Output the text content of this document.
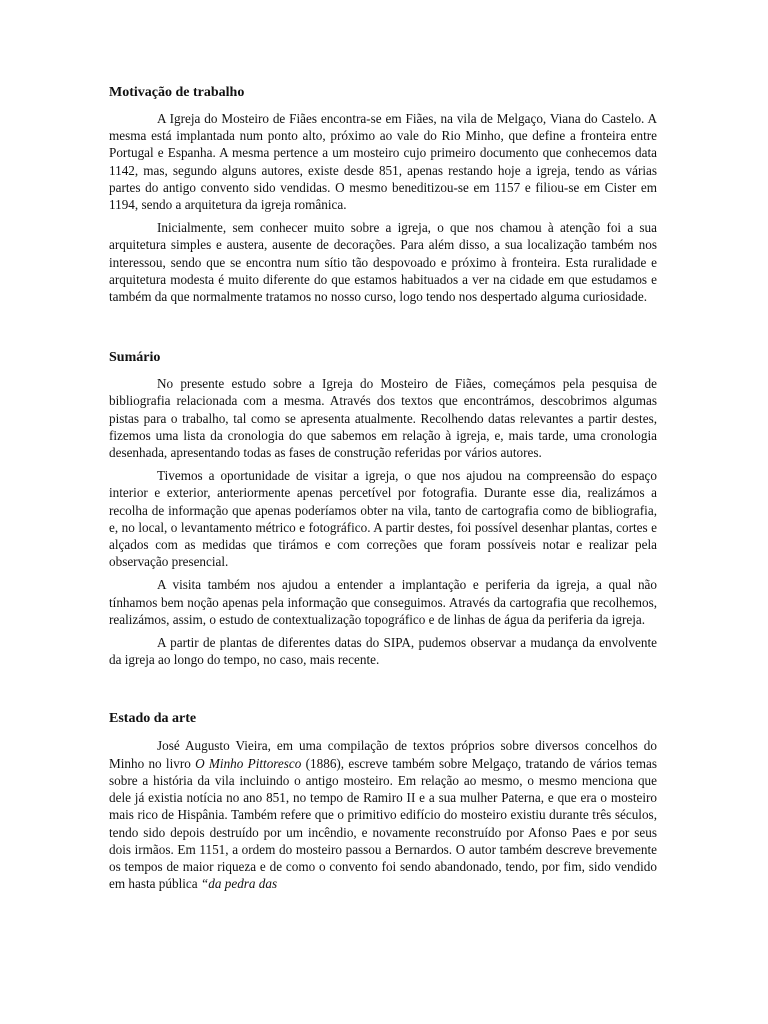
Motivação de trabalho

A Igreja do Mosteiro de Fiães encontra-se em Fiães, na vila de Melgaço, Viana do Castelo. A mesma está implantada num ponto alto, próximo ao vale do Rio Minho, que define a fronteira entre Portugal e Espanha. A mesma pertence a um mosteiro cujo primeiro documento que conhecemos data 1142, mas, segundo alguns autores, existe desde 851, apenas restando hoje a igreja, tendo as várias partes do antigo convento sido vendidas. O mesmo beneditizou-se em 1157 e filiou-se em Cister em 1194, sendo a arquitetura da igreja românica.

Inicialmente, sem conhecer muito sobre a igreja, o que nos chamou à atenção foi a sua arquitetura simples e austera, ausente de decorações. Para além disso, a sua localização também nos interessou, sendo que se encontra num sítio tão despovoado e próximo à fronteira. Esta ruralidade e arquitetura modesta é muito diferente do que estamos habituados a ver na cidade em que estudamos e também da que normalmente tratamos no nosso curso, logo tendo nos despertado alguma curiosidade.

Sumário

No presente estudo sobre a Igreja do Mosteiro de Fiães, começámos pela pesquisa de bibliografia relacionada com a mesma. Através dos textos que encontrámos, descobrimos algumas pistas para o trabalho, tal como se apresenta atualmente. Recolhendo datas relevantes a partir destes, fizemos uma lista da cronologia do que sabemos em relação à igreja, e, mais tarde, uma cronologia desenhada, apresentando todas as fases de construção referidas por vários autores.

Tivemos a oportunidade de visitar a igreja, o que nos ajudou na compreensão do espaço interior e exterior, anteriormente apenas percetível por fotografia. Durante esse dia, realizámos a recolha de informação que apenas poderíamos obter na vila, tanto de cartografia como de bibliografia, e, no local, o levantamento métrico e fotográfico. A partir destes, foi possível desenhar plantas, cortes e alçados com as medidas que tirámos e com correções que foram possíveis notar e realizar pela observação presencial.

A visita também nos ajudou a entender a implantação e periferia da igreja, a qual não tínhamos bem noção apenas pela informação que conseguimos. Através da cartografia que recolhemos, realizámos, assim, o estudo de contextualização topográfico e de linhas de água da periferia da igreja.

A partir de plantas de diferentes datas do SIPA, pudemos observar a mudança da envolvente da igreja ao longo do tempo, no caso, mais recente.

Estado da arte

José Augusto Vieira, em uma compilação de textos próprios sobre diversos concelhos do Minho no livro O Minho Pittoresco (1886), escreve também sobre Melgaço, tratando de vários temas sobre a história da vila incluindo o antigo mosteiro. Em relação ao mesmo, o mesmo menciona que dele já existia notícia no ano 851, no tempo de Ramiro II e a sua mulher Paterna, e que era o mosteiro mais rico de Hispânia. Também refere que o primitivo edifício do mosteiro existiu durante três séculos, tendo sido depois destruído por um incêndio, e novamente reconstruído por Afonso Paes e por seus dois irmãos. Em 1151, a ordem do mosteiro passou a Bernardos. O autor também descreve brevemente os tempos de maior riqueza e de como o convento foi sendo abandonado, tendo, por fim, sido vendido em hasta pública “da pedra das
